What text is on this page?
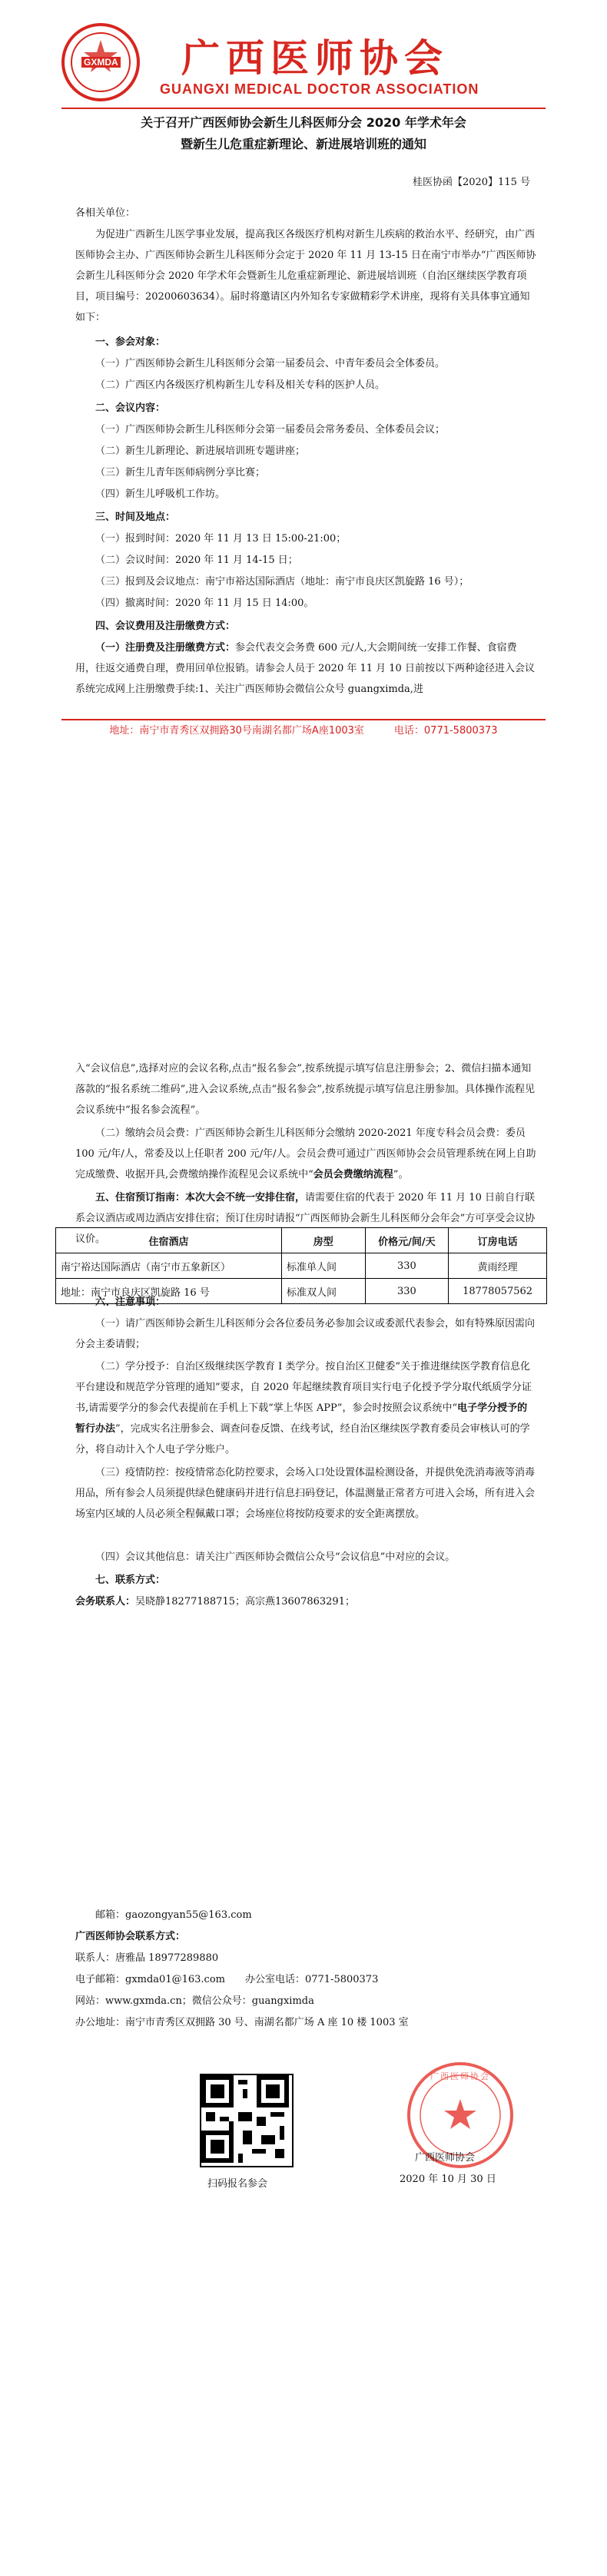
GXMDA 广西医师协会
GUANGXI MEDICAL DOCTOR ASSOCIATION
关于召开广西医师协会新生儿科医师分会 2020 年学术年会
暨新生儿危重症新理论、新进展培训班的通知
桂医协函【2020】115 号

各相关单位：

为促进广西新生儿医学事业发展，提高我区各级医疗机构对新生儿疾病的救治水平、经研究，由广西医师协会主办、广西医师协会新生儿科医师分会定于 2020 年 11 月 13-15 日在南宁市举办“广西医师协会新生儿科医师分会 2020 年学术年会暨新生儿危重症新理论、新进展培训班（自治区继续医学教育项目，项目编号：20200603634）。届时将邀请区内外知名专家做精彩学术讲座，现将有关具体事宜通知如下：

一、参会对象：

（一）广西医师协会新生儿科医师分会第一届委员会、中青年委员会全体委员。

（二）广西区内各级医疗机构新生儿专科及相关专科的医护人员。

二、会议内容：

（一）广西医师协会新生儿科医师分会第一届委员会常务委员、全体委员会议；

（二）新生儿新理论、新进展培训班专题讲座；

（三）新生儿青年医师病例分享比赛；

（四）新生儿呼吸机工作坊。

三、时间及地点：

（一）报到时间：2020 年 11 月 13 日 15:00-21:00；

（二）会议时间：2020 年 11 月 14-15 日；

（三）报到及会议地点：南宁市裕达国际酒店（地址：南宁市良庆区凯旋路 16 号）；

（四）撤离时间：2020 年 11 月 15 日 14:00。

四、会议费用及注册缴费方式：

（一）注册费及注册缴费方式：参会代表交会务费 600 元/人,大会期间统一安排工作餐、食宿费用，往返交通费自理，费用回单位报销。请参会人员于 2020 年 11 月 10 日前按以下两种途径进入会议系统完成网上注册缴费手续:1、关注广西医师协会微信公众号 guangximda,进

地址：南宁市青秀区双拥路30号南湖名都广场A座1003室　　　电话：0771-5800373

入“会议信息”,选择对应的会议名称,点击“报名参会”,按系统提示填写信息注册参会；2、微信扫描本通知落款的“报名系统二维码”,进入会议系统,点击“报名参会”,按系统提示填写信息注册参加。具体操作流程见会议系统中“报名参会流程”。

（二）缴纳会员会费：广西医师协会新生儿科医师分会缴纳 2020-2021 年度专科会员会费：委员 100 元/年/人，常委及以上任职者 200 元/年/人。会员会费可通过广西医师协会会员管理系统在网上自助完成缴费、收据开具,会费缴纳操作流程见会议系统中“会员会费缴纳流程”。

五、住宿预订指南：本次大会不统一安排住宿，请需要住宿的代表于 2020 年 11 月 10 日前自行联系会议酒店或周边酒店安排住宿；预订住房时请报“广西医师协会新生儿科医师分会年会”方可享受会议协议价。	住宿酒店	房型	价格元/间/天	订房电话
南宁裕达国际酒店（南宁市五象新区）	标准单人间	330	黄雨经理
地址：南宁市良庆区凯旋路 16 号	标准双人间	330	18778057562

六、注意事项：

（一）请广西医师协会新生儿科医师分会各位委员务必参加会议或委派代表参会，如有特殊原因需向分会主委请假；

（二）学分授予：自治区级继续医学教育 I 类学分。按自治区卫健委“关于推进继续医学教育信息化平台建设和规范学分管理的通知”要求，自 2020 年起继续教育项目实行电子化授予学分取代纸质学分证书,请需要学分的参会代表提前在手机上下载“掌上华医 APP”，参会时按照会议系统中“电子学分授予的暂行办法”，完成实名注册参会、调查问卷反馈、在线考试，经自治区继续医学教育委员会审核认可的学分，将自动计入个人电子学分账户。

（三）疫情防控：按疫情常态化防控要求，会场入口处设置体温检测设备，并提供免洗消毒液等消毒用品，所有参会人员须提供绿色健康码并进行信息扫码登记，体温测量正常者方可进入会场，所有进入会场室内区域的人员必须全程佩戴口罩；会场座位将按防疫要求的安全距离摆放。

（四）会议其他信息：请关注广西医师协会微信公众号“会议信息”中对应的会议。

七、联系方式：

会务联系人：吴晓静18277188715；高宗燕13607863291；

邮箱：gaozongyan55@163.com

广西医师协会联系方式：

联系人：唐雅晶 18977289880

电子邮箱：gxmda01@163.com　　办公室电话：0771-5800373

网站：www.gxmda.cn；微信公众号：guangximda

办公地址：南宁市青秀区双拥路 30 号、南湖名都广场 A 座 10 楼 1003 室

扫码报名参会
广西医师协会
广西医师协会
2020 年 10 月 30 日
